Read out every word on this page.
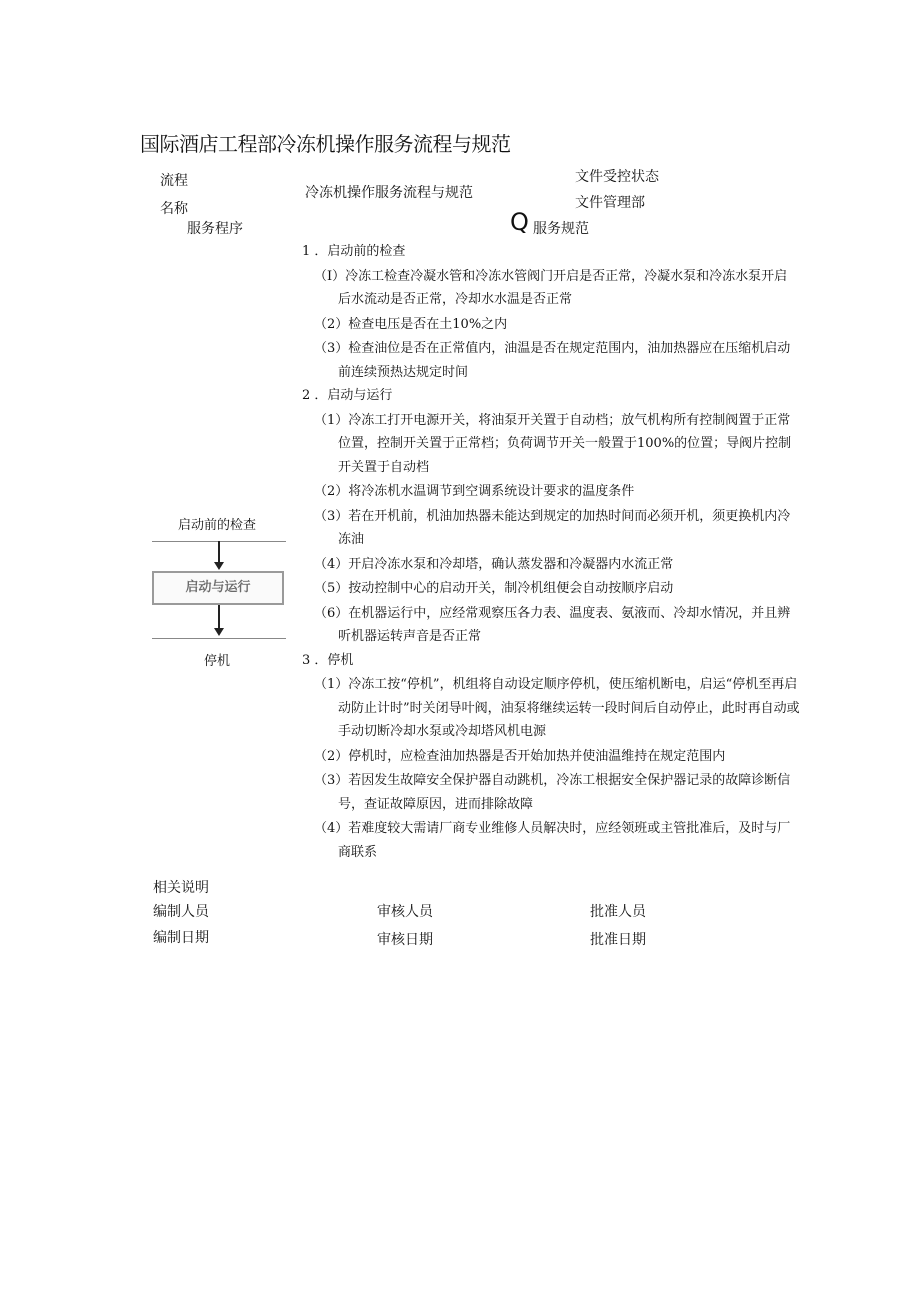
国际酒店工程部冷冻机操作服务流程与规范
流程
名称
冷冻机操作服务流程与规范
文件受控状态
文件管理部
服务程序	Q 服务规范
启动前的检查
启动与运行
停机
1 ．启动前的检查
（I）冷冻工检查冷凝水管和冷冻水管阀门开启是否正常，冷凝水泵和冷冻水泵开启后水流动是否正常，冷却水水温是否正常
（2）检查电压是否在土10%之内
（3）检查油位是否在正常值内，油温是否在规定范围内，油加热器应在压缩机启动前连续预热达规定时间
2 ．启动与运行
（1）冷冻工打开电源开关，将油泵开关置于自动档；放气机构所有控制阀置于正常位置，控制开关置于正常档；负荷调节开关一般置于100%的位置；导阀片控制开关置于自动档
（2）将冷冻机水温调节到空调系统设计要求的温度条件
（3）若在开机前，机油加热器未能达到规定的加热时间而必须开机，须更换机内冷冻油
（4）开启冷冻水泵和冷却塔，确认蒸发器和冷凝器内水流正常
（5）按动控制中心的启动开关，制冷机组便会自动按顺序启动
（6）在机器运行中，应经常观察压各力表、温度表、氨液而、冷却水情况，并且辨听机器运转声音是否正常
3 ．停机
（1）冷冻工按“停机”，机组将自动设定顺序停机，使压缩机断电，启运“停机至再启动防止计时”时关闭导叶阀，油泵将继续运转一段时间后自动停止，此时再自动或手动切断冷却水泵或冷却塔风机电源
（2）停机时，应检查油加热器是否开始加热并使油温维持在规定范围内
（3）若因发生故障安全保护器自动跳机，冷冻工根据安全保护器记录的故障诊断信号，查证故障原因，进而排除故障
（4）若难度较大需请厂商专业维修人员解决时，应经领班或主管批准后，及时与厂商联系
相关说明
编制人员	审核人员	批准人员
编制日期	审核日期	批准日期
